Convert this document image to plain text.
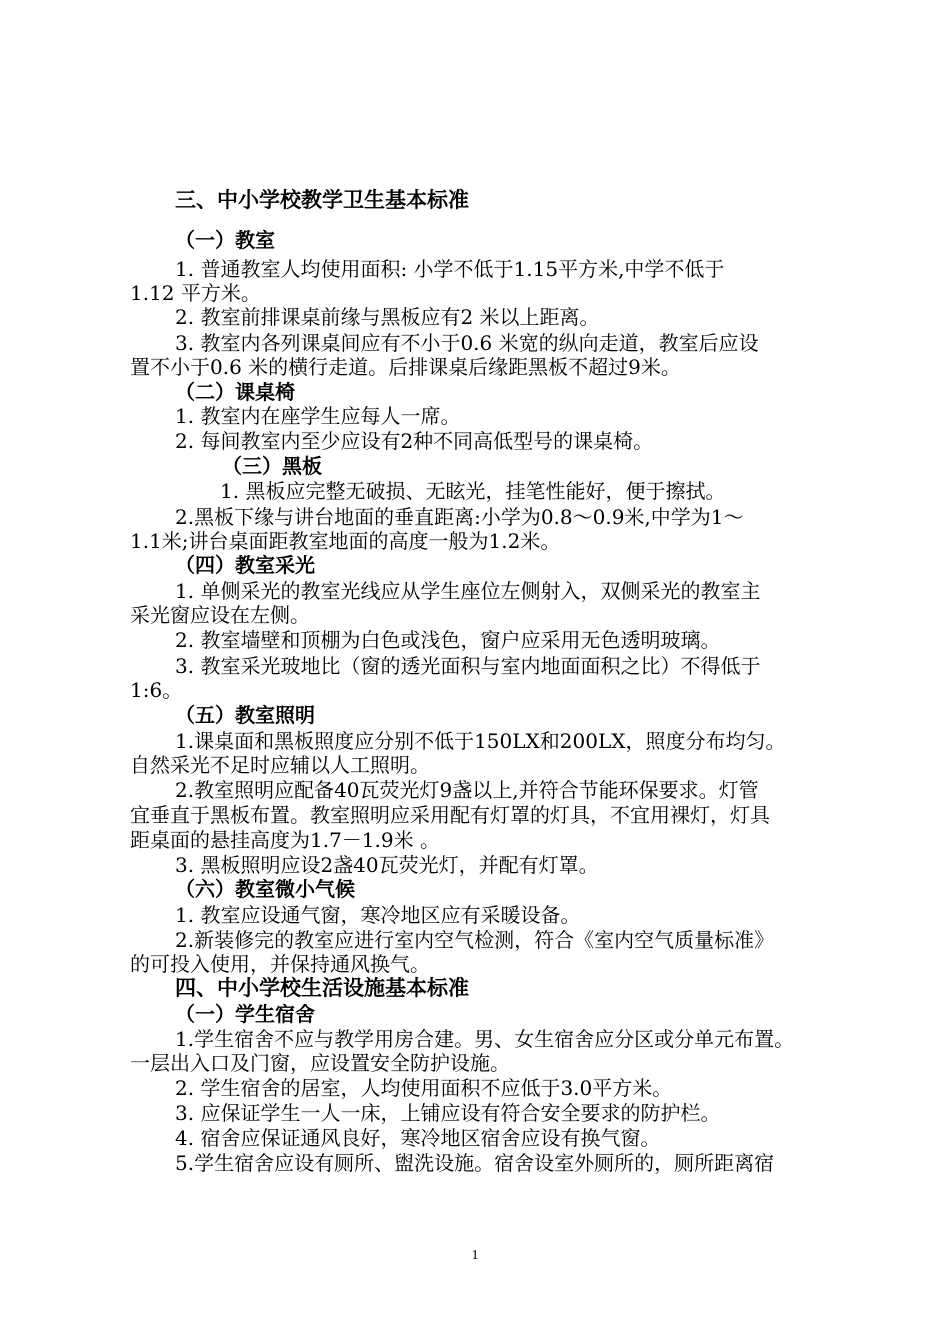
三、中小学校教学卫生基本标准
（一）教室
1. 普通教室人均使用面积: 小学不低于1.15平方米,中学不低于
1.12 平方米。
2. 教室前排课桌前缘与黑板应有2 米以上距离。
3. 教室内各列课桌间应有不小于0.6 米宽的纵向走道，教室后应设
置不小于0.6 米的横行走道。后排课桌后缘距黑板不超过9米。
（二）课桌椅
1. 教室内在座学生应每人一席。
2. 每间教室内至少应设有2种不同高低型号的课桌椅。
（三）黑板
1. 黑板应完整无破损、无眩光，挂笔性能好，便于擦拭。
2.黑板下缘与讲台地面的垂直距离:小学为0.8～0.9米,中学为1～
1.1米;讲台桌面距教室地面的高度一般为1.2米。
（四）教室采光
1. 单侧采光的教室光线应从学生座位左侧射入，双侧采光的教室主
采光窗应设在左侧。
2. 教室墙壁和顶棚为白色或浅色，窗户应采用无色透明玻璃。
3. 教室采光玻地比（窗的透光面积与室内地面面积之比）不得低于
1:6。
（五）教室照明
1.课桌面和黑板照度应分别不低于150LX和200LX，照度分布均匀。
自然采光不足时应辅以人工照明。
2.教室照明应配备40瓦荧光灯9盏以上,并符合节能环保要求。灯管
宜垂直于黑板布置。教室照明应采用配有灯罩的灯具，不宜用裸灯，灯具
距桌面的悬挂高度为1.7－1.9米 。
3. 黑板照明应设2盏40瓦荧光灯，并配有灯罩。
（六）教室微小气候
1. 教室应设通气窗，寒冷地区应有采暖设备。
2.新装修完的教室应进行室内空气检测，符合《室内空气质量标准》
的可投入使用，并保持通风换气。
四、中小学校生活设施基本标准
（一）学生宿舍
1.学生宿舍不应与教学用房合建。男、女生宿舍应分区或分单元布置。
一层出入口及门窗，应设置安全防护设施。
2. 学生宿舍的居室，人均使用面积不应低于3.0平方米。
3. 应保证学生一人一床，上铺应设有符合安全要求的防护栏。
4. 宿舍应保证通风良好，寒冷地区宿舍应设有换气窗。
5.学生宿舍应设有厕所、盥洗设施。宿舍设室外厕所的，厕所距离宿
1
